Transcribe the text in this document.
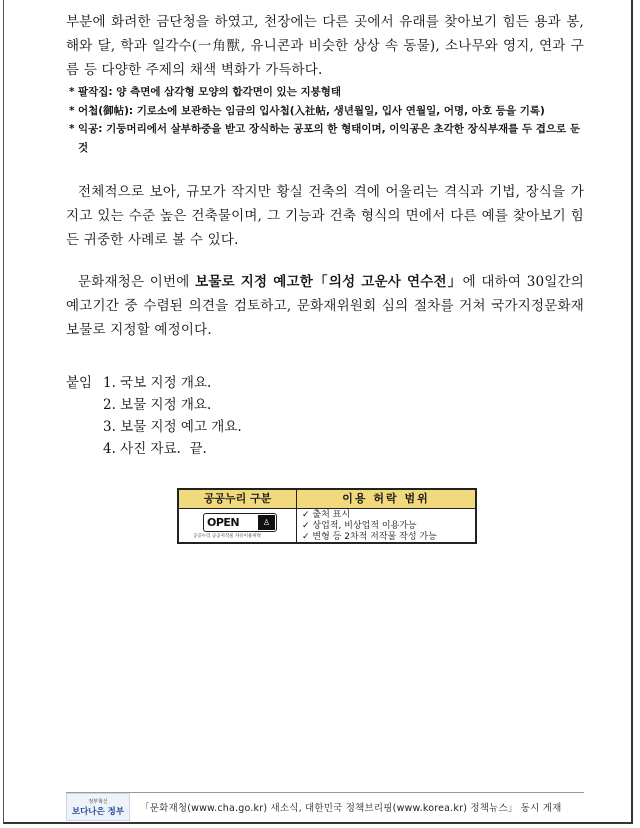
부분에 화려한 금단청을 하였고, 천장에는 다른 곳에서 유래를 찾아보기 힘든 용과 봉, 해와 달, 학과 일각수(一角獸, 유니콘과 비슷한 상상 속 동물), 소나무와 영지, 연과 구름 등 다양한 주제의 채색 벽화가 가득하다.
* 팔작집: 양 측면에 삼각형 모양의 합각면이 있는 지붕형태
* 어첩(御帖): 기로소에 보관하는 임금의 입사첩(入社帖, 생년월일, 입사 연월일, 어명, 아호 등을 기록)
* 익공: 기둥머리에서 살부하중을 받고 장식하는 공포의 한 형태이며, 이익공은 초각한 장식부재를 두 겹으로 둔 것
전체적으로 보아, 규모가 작지만 황실 건축의 격에 어울리는 격식과 기법, 장식을 가지고 있는 수준 높은 건축물이며, 그 기능과 건축 형식의 면에서 다른 예를 찾아보기 힘든 귀중한 사례로 볼 수 있다.
문화재청은 이번에 보물로 지정 예고한「의성 고운사 연수전」에 대하여 30일간의 예고기간 중 수렴된 의견을 검토하고, 문화재위원회 심의 절차를 거쳐 국가지정문화재 보물로 지정할 예정이다.
붙임 1. 국보 지정 개요.
2. 보물 지정 개요.
3. 보물 지정 예고 개요.
4. 사진 자료.  끝.
공공누리 구분	이용 허락 범위
OPEN	♙
공공누리 공공저작물 자유이용허락
✓ 출처 표시
✓ 상업적, 비상업적 이용가능
✓ 변형 등 2차적 저작물 작성 가능
정부혁신
보다나은 정부 「문화재청(www.cha.go.kr) 새소식, 대한민국 정책브리핑(www.korea.kr) 정책뉴스」 동시 게재
